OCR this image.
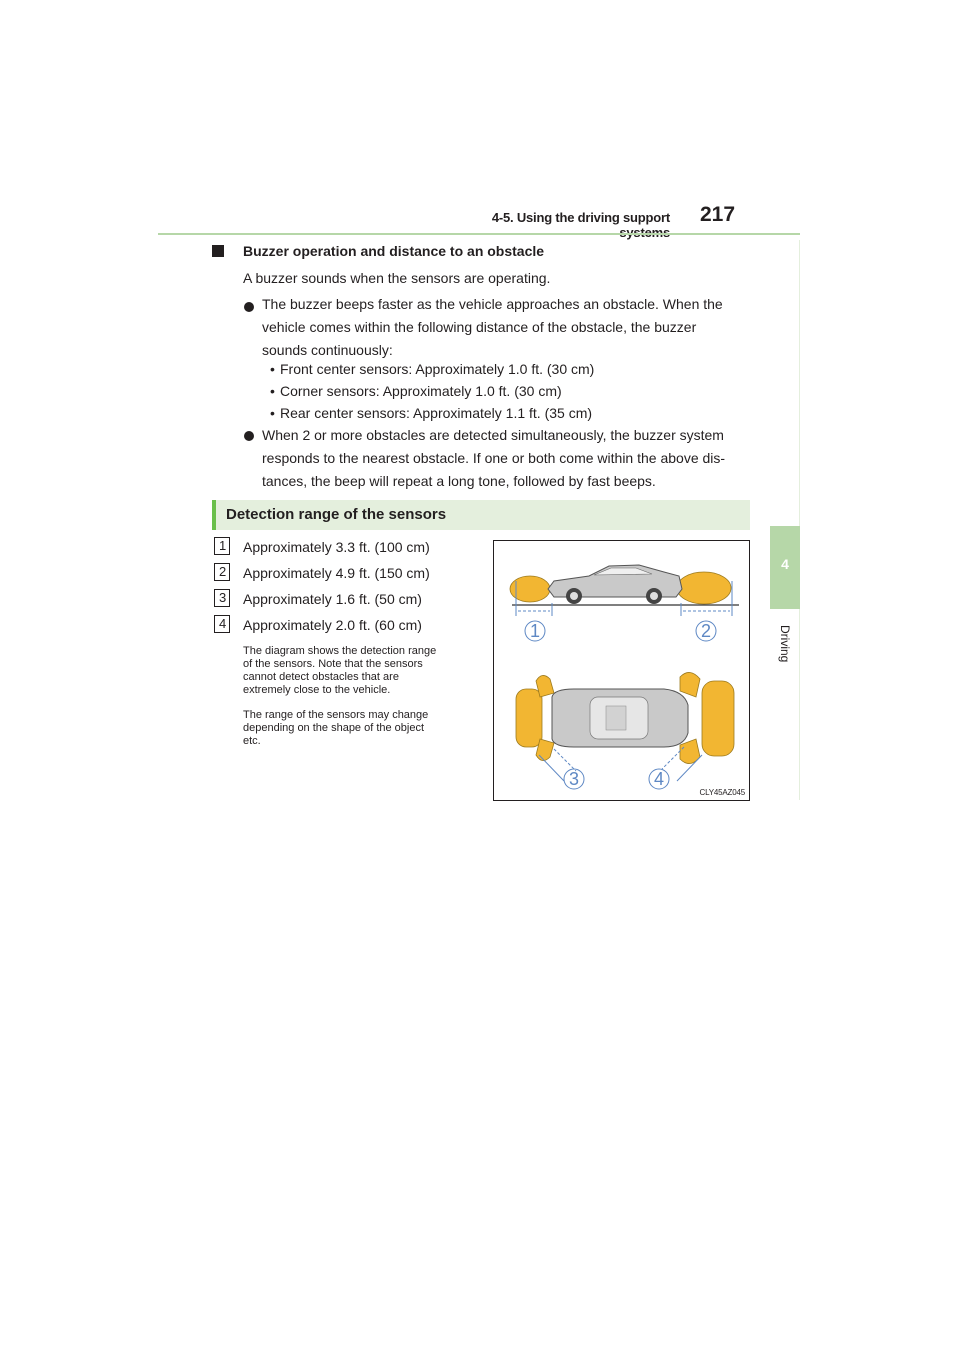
4-5. Using the driving support 217
4
Driving
Buzzer operation and distance to an obstacle
A buzzer sounds when the sensors are operating.
The buzzer beeps faster as the vehicle approaches an obstacle. When the
vehicle comes within the following distance of the obstacle, the buzzer
sounds continuously:
• Front center sensors: Approximately 1.0 ft. (30 cm)
• Corner sensors: Approximately 1.0 ft. (30 cm)
• Rear center sensors: Approximately 1.1 ft. (35 cm)
When 2 or more obstacles are detected simultaneously, the buzzer system
responds to the nearest obstacle. If one or both come within the above dis-
tances, the beep will repeat a long tone, followed by fast beeps.
Detection range of the sensors
1 Approximately 3.3 ft. (100 cm)
2 Approximately 4.9 ft. (150 cm)
3 Approximately 1.6 ft. (50 cm)
4 Approximately 2.0 ft. (60 cm)
The diagram shows the detection range
of the sensors. Note that the sensors
cannot detect obstacles that are
extremely close to the vehicle.
The range of the sensors may change
depending on the shape of the object
etc.
1	2
3	4
CLY45AZ045
